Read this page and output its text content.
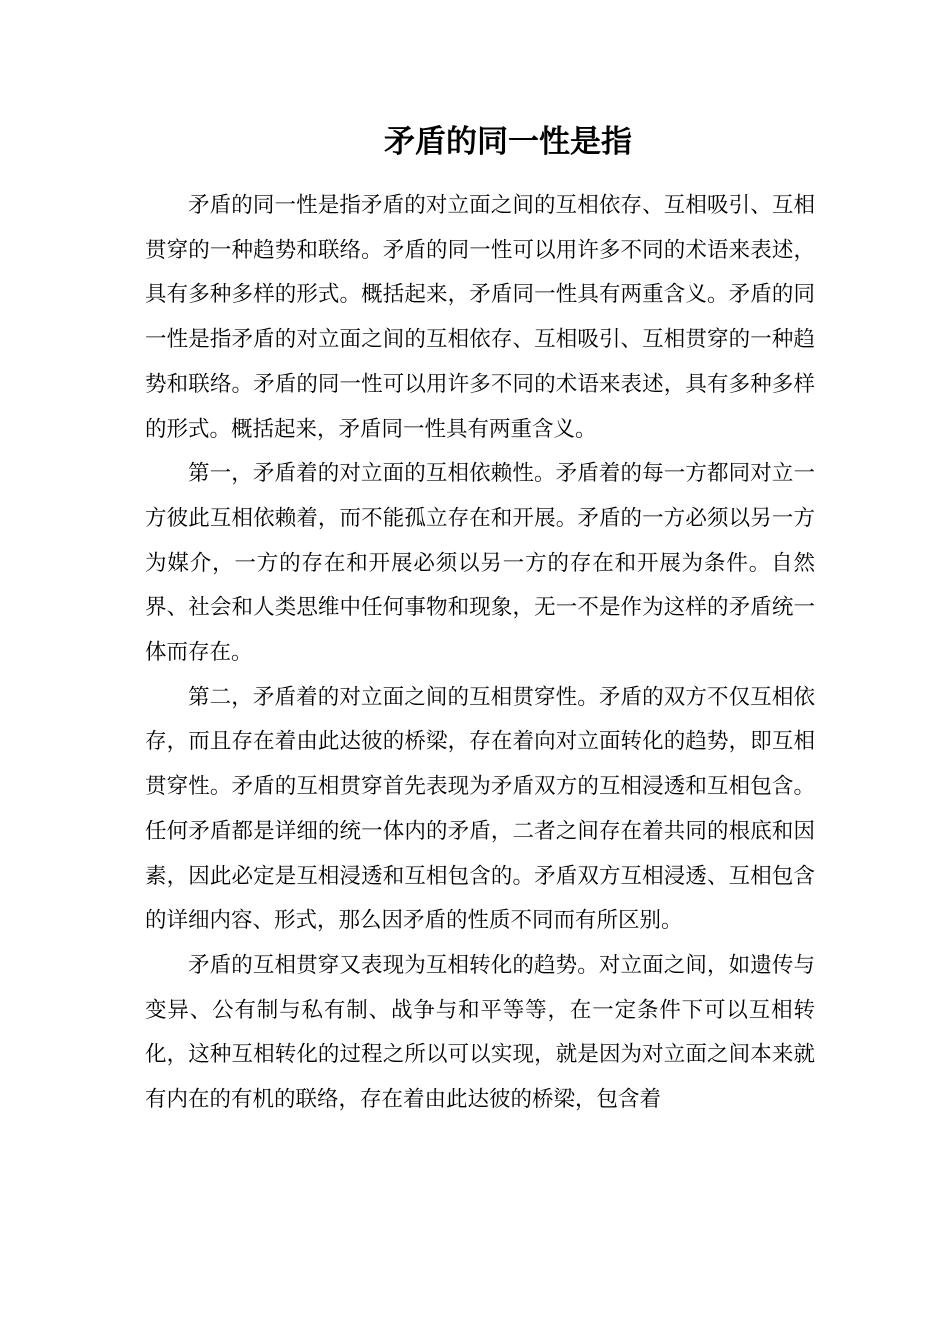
矛盾的同一性是指

矛盾的同一性是指矛盾的对立面之间的互相依存、互相吸引、互相贯穿的一种趋势和联络。矛盾的同一性可以用许多不同的术语来表述，具有多种多样的形式。概括起来，矛盾同一性具有两重含义。矛盾的同一性是指矛盾的对立面之间的互相依存、互相吸引、互相贯穿的一种趋势和联络。矛盾的同一性可以用许多不同的术语来表述，具有多种多样的形式。概括起来，矛盾同一性具有两重含义。

第一，矛盾着的对立面的互相依赖性。矛盾着的每一方都同对立一方彼此互相依赖着，而不能孤立存在和开展。矛盾的一方必须以另一方为媒介，一方的存在和开展必须以另一方的存在和开展为条件。自然界、社会和人类思维中任何事物和现象，无一不是作为这样的矛盾统一体而存在。

第二，矛盾着的对立面之间的互相贯穿性。矛盾的双方不仅互相依存，而且存在着由此达彼的桥梁，存在着向对立面转化的趋势，即互相贯穿性。矛盾的互相贯穿首先表现为矛盾双方的互相浸透和互相包含。任何矛盾都是详细的统一体内的矛盾，二者之间存在着共同的根底和因素，因此必定是互相浸透和互相包含的。矛盾双方互相浸透、互相包含的详细内容、形式，那么因矛盾的性质不同而有所区别。

矛盾的互相贯穿又表现为互相转化的趋势。对立面之间，如遗传与变异、公有制与私有制、战争与和平等等，在一定条件下可以互相转化，这种互相转化的过程之所以可以实现，就是因为对立面之间本来就有内在的有机的联络，存在着由此达彼的桥梁，包含着
